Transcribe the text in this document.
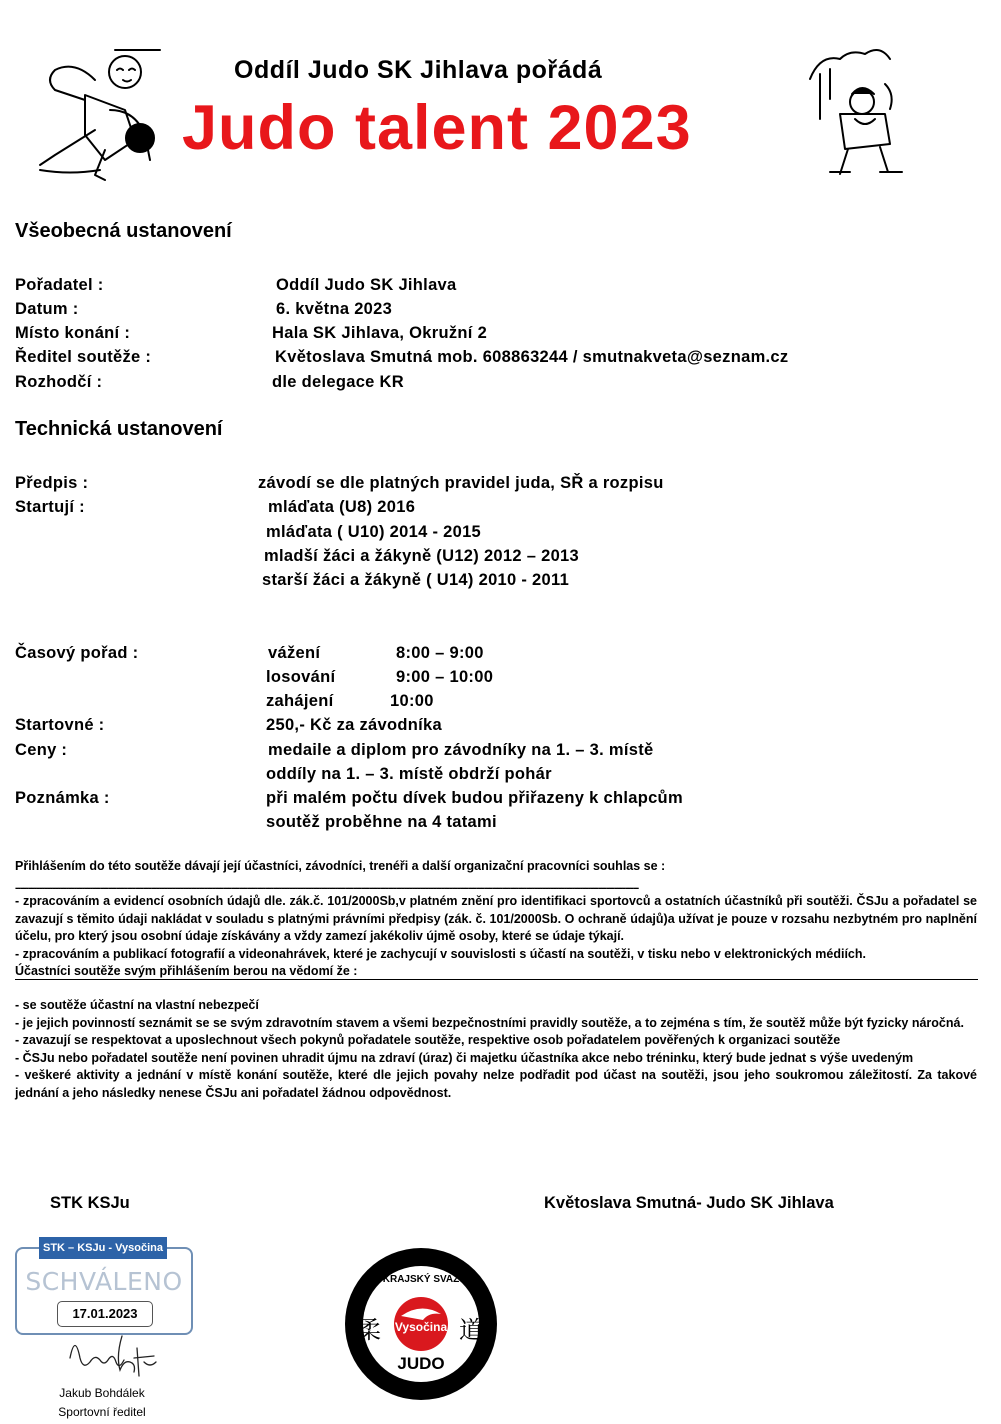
Oddíl Judo SK Jihlava pořádá
Judo talent 2023
Všeobecná ustanovení
Pořadatel :	Oddíl Judo SK Jihlava
Datum :	6. května 2023
Místo konání :	Hala SK Jihlava, Okružní 2
Ředitel soutěže :	Květoslava Smutná mob. 608863244 / smutnakveta@seznam.cz
Rozhodčí :	dle delegace KR
Technická ustanovení
Předpis :	závodí se dle platných pravidel juda, SŘ a rozpisu
Startují :	mláďata (U8) 2016
mláďata ( U10) 2014 - 2015
mladší žáci a žákyně (U12) 2012 – 2013
starší žáci a žákyně ( U14) 2010 - 2011
Časový pořad :	vážení	8:00 – 9:00
losování	9:00 – 10:00
zahájení	10:00
Startovné :	250,- Kč za závodníka
Ceny :	medaile a diplom pro závodníky na 1. – 3. místě
oddíly na 1. – 3. místě obdrží pohár
Poznámka :	při malém počtu dívek budou přiřazeny k chlapcům
soutěž proběhne na 4 tatami
Přihlášením do této soutěže dávají její účastníci, závodníci, trenéři a další organizační pracovníci souhlas se :
------------------------------------------------------------------------------------------------------------------------------------------------------------------------------------------------------------------------------------------
- zpracováním a evidencí osobních údajů dle. zák.č. 101/2000Sb,v platném znění pro identifikaci sportovců a ostatních účastníků při soutěži. ČSJu a pořadatel se zavazují s těmito údaji nakládat v souladu s platnými právními předpisy (zák. č. 101/2000Sb. O ochraně údajů)a užívat je pouze v rozsahu nezbytném pro naplnění účelu, pro který jsou osobní údaje získávány a vždy zamezí jakékoliv újmě osoby, které se údaje týkají.
- zpracováním a publikací fotografií a videonahrávek, které je zachycují v souvislosti s účastí na soutěži, v tisku nebo v elektronických médiích.
Účastníci soutěže svým přihlášením berou na vědomí že :
- se soutěže účastní na vlastní nebezpečí
- je jejich povinností seznámit se se svým zdravotním stavem a všemi bezpečnostními pravidly soutěže, a to zejména s tím, že soutěž může být fyzicky náročná.
- zavazují se respektovat a uposlechnout všech pokynů pořadatele soutěže, respektive osob pořadatelem pověřených k organizaci soutěže
- ČSJu nebo pořadatel soutěže není povinen uhradit újmu na zdraví (úraz) či majetku účastníka akce nebo tréninku, který bude jednat s výše uvedeným
- veškeré aktivity a jednání v místě konání soutěže, které dle jejich povahy nelze podřadit pod účast na soutěži, jsou jeho soukromou záležitostí. Za takové jednání a jeho následky nenese ČSJu ani pořadatel žádnou odpovědnost.
STK KSJu	Květoslava Smutná- Judo SK Jihlava
STK – KSJu - Vysočina
SCHVÁLENO
17.01.2023
Jakub Bohdálek
Sportovní ředitel
KRAJSKÝ SVAZ
柔	Vysočina 道
JUDO
